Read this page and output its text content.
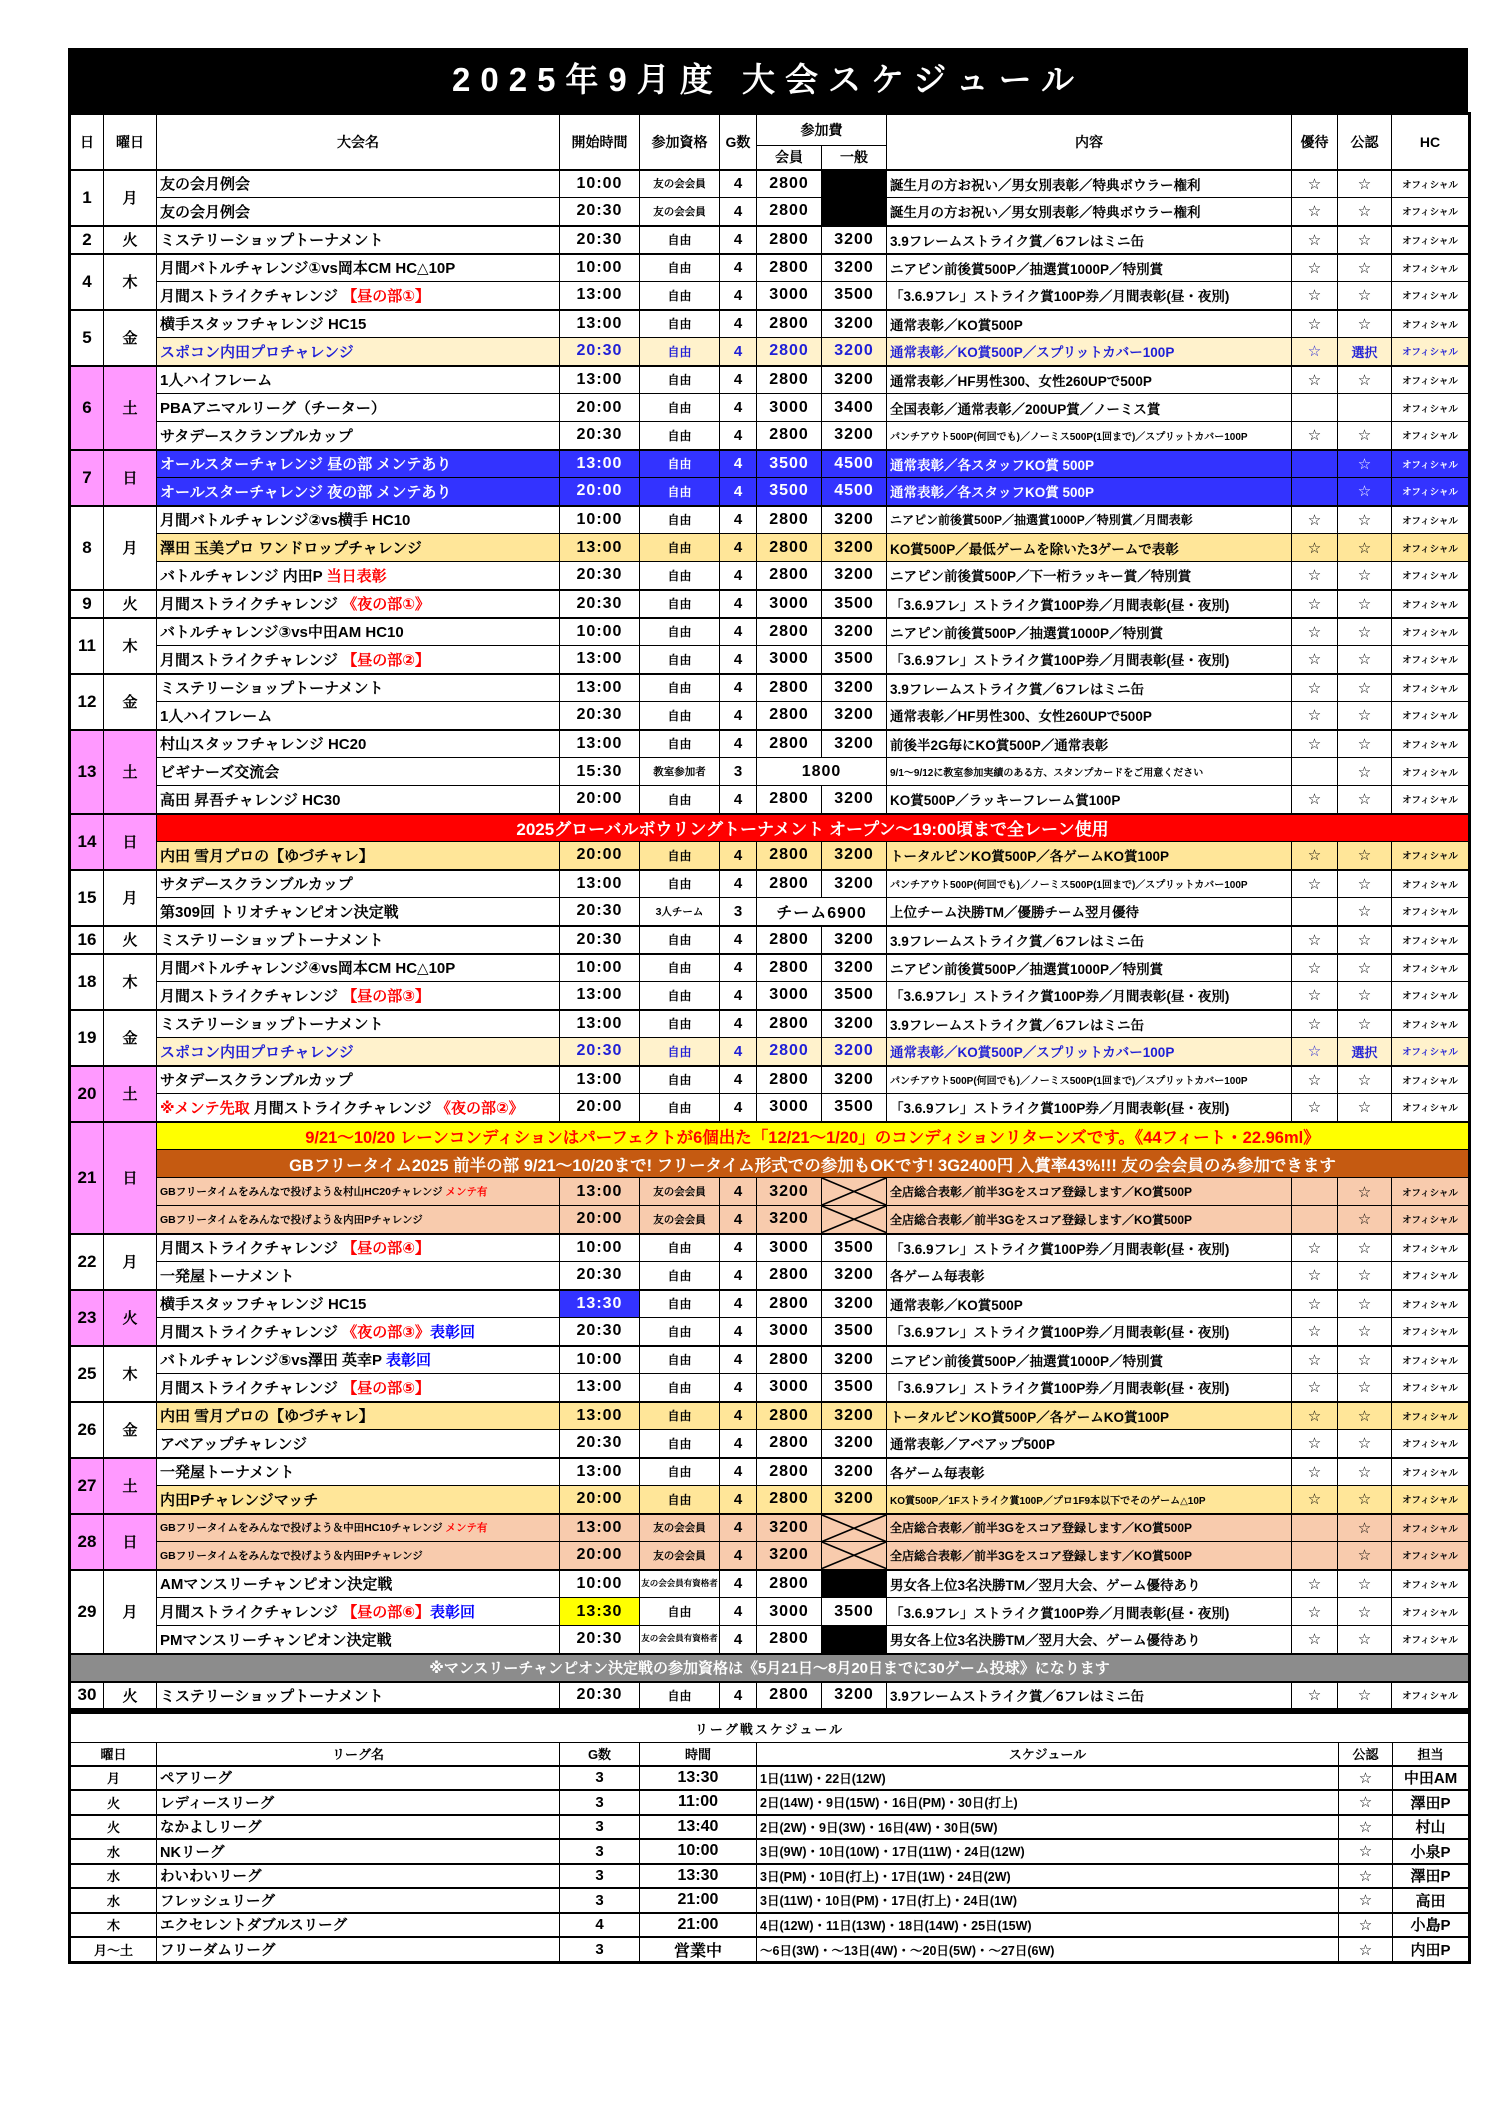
2025年9月度 大会スケジュール
日	曜日	大会名	開始時間	参加資格	G数	参加費		内容	優待	公認	HC
						会員	一般				
1	月	友の会月例会	10:00	友の会会員	4	2800		誕生月の方お祝い／男女別表彰／特典ボウラー権利	☆	☆	オフィシャル
		友の会月例会	20:30	友の会会員	4	2800		誕生月の方お祝い／男女別表彰／特典ボウラー権利	☆	☆	オフィシャル
2	火	ミステリーショップトーナメント	20:30	自由	4	2800	3200	3.9フレームストライク賞／6フレはミニ缶	☆	☆	オフィシャル
4	木	月間バトルチャレンジ①vs岡本CM HC△10P	10:00	自由	4	2800	3200	ニアピン前後賞500P／抽選賞1000P／特別賞	☆	☆	オフィシャル
		月間ストライクチャレンジ 【昼の部①】	13:00	自由	4	3000	3500	「3.6.9フレ」ストライク賞100P券／月間表彰(昼・夜別)	☆	☆	オフィシャル
5	金	横手スタッフチャレンジ HC15	13:00	自由	4	2800	3200	通常表彰／KO賞500P	☆	☆	オフィシャル
		スポコン内田プロチャレンジ	20:30	自由	4	2800	3200	通常表彰／KO賞500P／スプリットカバー100P	☆	選択	オフィシャル
6	土	1人ハイフレーム	13:00	自由	4	2800	3200	通常表彰／HF男性300、女性260UPで500P	☆	☆	オフィシャル
		PBAアニマルリーグ（チーター）	20:00	自由	4	3000	3400	全国表彰／通常表彰／200UP賞／ノーミス賞			オフィシャル
		サタデースクランブルカップ	20:30	自由	4	2800	3200	パンチアウト500P(何回でも)／ノーミス500P(1回まで)／スプリットカバー100P	☆	☆	オフィシャル
7	日	オールスターチャレンジ 昼の部 メンテあり	13:00	自由	4	3500	4500	通常表彰／各スタッフKO賞 500P		☆	オフィシャル
		オールスターチャレンジ 夜の部 メンテあり	20:00	自由	4	3500	4500	通常表彰／各スタッフKO賞 500P		☆	オフィシャル
8	月	月間バトルチャレンジ②vs横手 HC10	10:00	自由	4	2800	3200	ニアピン前後賞500P／抽選賞1000P／特別賞／月間表彰	☆	☆	オフィシャル
		澤田 玉美プロ ワンドロップチャレンジ	13:00	自由	4	2800	3200	KO賞500P／最低ゲームを除いた3ゲームで表彰	☆	☆	オフィシャル
		バトルチャレンジ 内田P 当日表彰	20:30	自由	4	2800	3200	ニアピン前後賞500P／下一桁ラッキー賞／特別賞	☆	☆	オフィシャル
9	火	月間ストライクチャレンジ 《夜の部①》	20:30	自由	4	3000	3500	「3.6.9フレ」ストライク賞100P券／月間表彰(昼・夜別)	☆	☆	オフィシャル
11	木	バトルチャレンジ③vs中田AM HC10	10:00	自由	4	2800	3200	ニアピン前後賞500P／抽選賞1000P／特別賞	☆	☆	オフィシャル
		月間ストライクチャレンジ 【昼の部②】	13:00	自由	4	3000	3500	「3.6.9フレ」ストライク賞100P券／月間表彰(昼・夜別)	☆	☆	オフィシャル
12	金	ミステリーショップトーナメント	13:00	自由	4	2800	3200	3.9フレームストライク賞／6フレはミニ缶	☆	☆	オフィシャル
		1人ハイフレーム	20:30	自由	4	2800	3200	通常表彰／HF男性300、女性260UPで500P	☆	☆	オフィシャル
13	土	村山スタッフチャレンジ HC20	13:00	自由	4	2800	3200	前後半2G毎にKO賞500P／通常表彰	☆	☆	オフィシャル
		ビギナーズ交流会	15:30	教室参加者	3	1800		9/1～9/12に教室参加実績のある方、スタンプカードをご用意ください		☆	オフィシャル
		高田 昇吾チャレンジ HC30	20:00	自由	4	2800	3200	KO賞500P／ラッキーフレーム賞100P	☆	☆	オフィシャル
14	日	2025グローバルボウリングトーナメント オープン～19:00頃まで全レーン使用									
		内田 雪月プロの【ゆづチャレ】	20:00	自由	4	2800	3200	トータルピンKO賞500P／各ゲームKO賞100P	☆	☆	オフィシャル
15	月	サタデースクランブルカップ	13:00	自由	4	2800	3200	パンチアウト500P(何回でも)／ノーミス500P(1回まで)／スプリットカバー100P	☆	☆	オフィシャル
		第309回 トリオチャンピオン決定戦	20:30	3人チーム	3	チーム6900		上位チーム決勝TM／優勝チーム翌月優待		☆	オフィシャル
16	火	ミステリーショップトーナメント	20:30	自由	4	2800	3200	3.9フレームストライク賞／6フレはミニ缶	☆	☆	オフィシャル
18	木	月間バトルチャレンジ④vs岡本CM HC△10P	10:00	自由	4	2800	3200	ニアピン前後賞500P／抽選賞1000P／特別賞	☆	☆	オフィシャル
		月間ストライクチャレンジ 【昼の部③】	13:00	自由	4	3000	3500	「3.6.9フレ」ストライク賞100P券／月間表彰(昼・夜別)	☆	☆	オフィシャル
19	金	ミステリーショップトーナメント	13:00	自由	4	2800	3200	3.9フレームストライク賞／6フレはミニ缶	☆	☆	オフィシャル
		スポコン内田プロチャレンジ	20:30	自由	4	2800	3200	通常表彰／KO賞500P／スプリットカバー100P	☆	選択	オフィシャル
20	土	サタデースクランブルカップ	13:00	自由	4	2800	3200	パンチアウト500P(何回でも)／ノーミス500P(1回まで)／スプリットカバー100P	☆	☆	オフィシャル
		※メンテ先取 月間ストライクチャレンジ 《夜の部②》	20:00	自由	4	3000	3500	「3.6.9フレ」ストライク賞100P券／月間表彰(昼・夜別)	☆	☆	オフィシャル
21	日	9/21～10/20 レーンコンディションはパーフェクトが6個出た「12/21～1/20」のコンディションリターンズです。《44フィート・22.96ml》									
		GBフリータイム2025 前半の部 9/21～10/20まで! フリータイム形式での参加もOKです! 3G2400円 入賞率43%!!! 友の会会員のみ参加できます									
		GBフリータイムをみんなで投げよう＆村山HC20チャレンジ メンテ有	13:00	友の会会員	4	3200		全店総合表彰／前半3Gをスコア登録します／KO賞500P		☆	オフィシャル
		GBフリータイムをみんなで投げよう＆内田Pチャレンジ	20:00	友の会会員	4	3200		全店総合表彰／前半3Gをスコア登録します／KO賞500P		☆	オフィシャル
22	月	月間ストライクチャレンジ 【昼の部④】	10:00	自由	4	3000	3500	「3.6.9フレ」ストライク賞100P券／月間表彰(昼・夜別)	☆	☆	オフィシャル
		一発屋トーナメント	20:30	自由	4	2800	3200	各ゲーム毎表彰	☆	☆	オフィシャル
23	火	横手スタッフチャレンジ HC15	13:30	自由	4	2800	3200	通常表彰／KO賞500P	☆	☆	オフィシャル
		月間ストライクチャレンジ 《夜の部③》表彰回	20:30	自由	4	3000	3500	「3.6.9フレ」ストライク賞100P券／月間表彰(昼・夜別)	☆	☆	オフィシャル
25	木	バトルチャレンジ⑤vs澤田 英幸P 表彰回	10:00	自由	4	2800	3200	ニアピン前後賞500P／抽選賞1000P／特別賞	☆	☆	オフィシャル
		月間ストライクチャレンジ 【昼の部⑤】	13:00	自由	4	3000	3500	「3.6.9フレ」ストライク賞100P券／月間表彰(昼・夜別)	☆	☆	オフィシャル
26	金	内田 雪月プロの【ゆづチャレ】	13:00	自由	4	2800	3200	トータルピンKO賞500P／各ゲームKO賞100P	☆	☆	オフィシャル
		アベアップチャレンジ	20:30	自由	4	2800	3200	通常表彰／アベアップ500P	☆	☆	オフィシャル
27	土	一発屋トーナメント	13:00	自由	4	2800	3200	各ゲーム毎表彰	☆	☆	オフィシャル
		内田Pチャレンジマッチ	20:00	自由	4	2800	3200	KO賞500P／1Fストライク賞100P／プロ1F9本以下でそのゲーム△10P	☆	☆	オフィシャル
28	日	GBフリータイムをみんなで投げよう＆中田HC10チャレンジ メンテ有	13:00	友の会会員	4	3200		全店総合表彰／前半3Gをスコア登録します／KO賞500P		☆	オフィシャル
		GBフリータイムをみんなで投げよう＆内田Pチャレンジ	20:00	友の会会員	4	3200		全店総合表彰／前半3Gをスコア登録します／KO賞500P		☆	オフィシャル
29	月	AMマンスリーチャンピオン決定戦	10:00	友の会会員有資格者	4	2800		男女各上位3名決勝TM／翌月大会、ゲーム優待あり	☆	☆	オフィシャル
		月間ストライクチャレンジ 【昼の部⑥】表彰回	13:30	自由	4	3000	3500	「3.6.9フレ」ストライク賞100P券／月間表彰(昼・夜別)	☆	☆	オフィシャル
		PMマンスリーチャンピオン決定戦	20:30	友の会会員有資格者	4	2800		男女各上位3名決勝TM／翌月大会、ゲーム優待あり	☆	☆	オフィシャル
※マンスリーチャンピオン決定戦の参加資格は《5月21日～8月20日までに30ゲーム投球》になります											
30	火	ミステリーショップトーナメント	20:30	自由	4	2800	3200	3.9フレームストライク賞／6フレはミニ缶	☆	☆	オフィシャル
リーグ戦スケジュール						
曜日	リーグ名	G数	時間	スケジュール	公認	担当
月	ペアリーグ	3	13:30	1日(11W)・22日(12W)	☆	中田AM
火	レディースリーグ	3	11:00	2日(14W)・9日(15W)・16日(PM)・30日(打上)	☆	澤田P
火	なかよしリーグ	3	13:40	2日(2W)・9日(3W)・16日(4W)・30日(5W)	☆	村山
水	NKリーグ	3	10:00	3日(9W)・10日(10W)・17日(11W)・24日(12W)	☆	小泉P
水	わいわいリーグ	3	13:30	3日(PM)・10日(打上)・17日(1W)・24日(2W)	☆	澤田P
水	フレッシュリーグ	3	21:00	3日(11W)・10日(PM)・17日(打上)・24日(1W)	☆	高田
木	エクセレントダブルスリーグ	4	21:00	4日(12W)・11日(13W)・18日(14W)・25日(15W)	☆	小島P
月～土	フリーダムリーグ	3	営業中	～6日(3W)・～13日(4W)・～20日(5W)・～27日(6W)	☆	内田P
